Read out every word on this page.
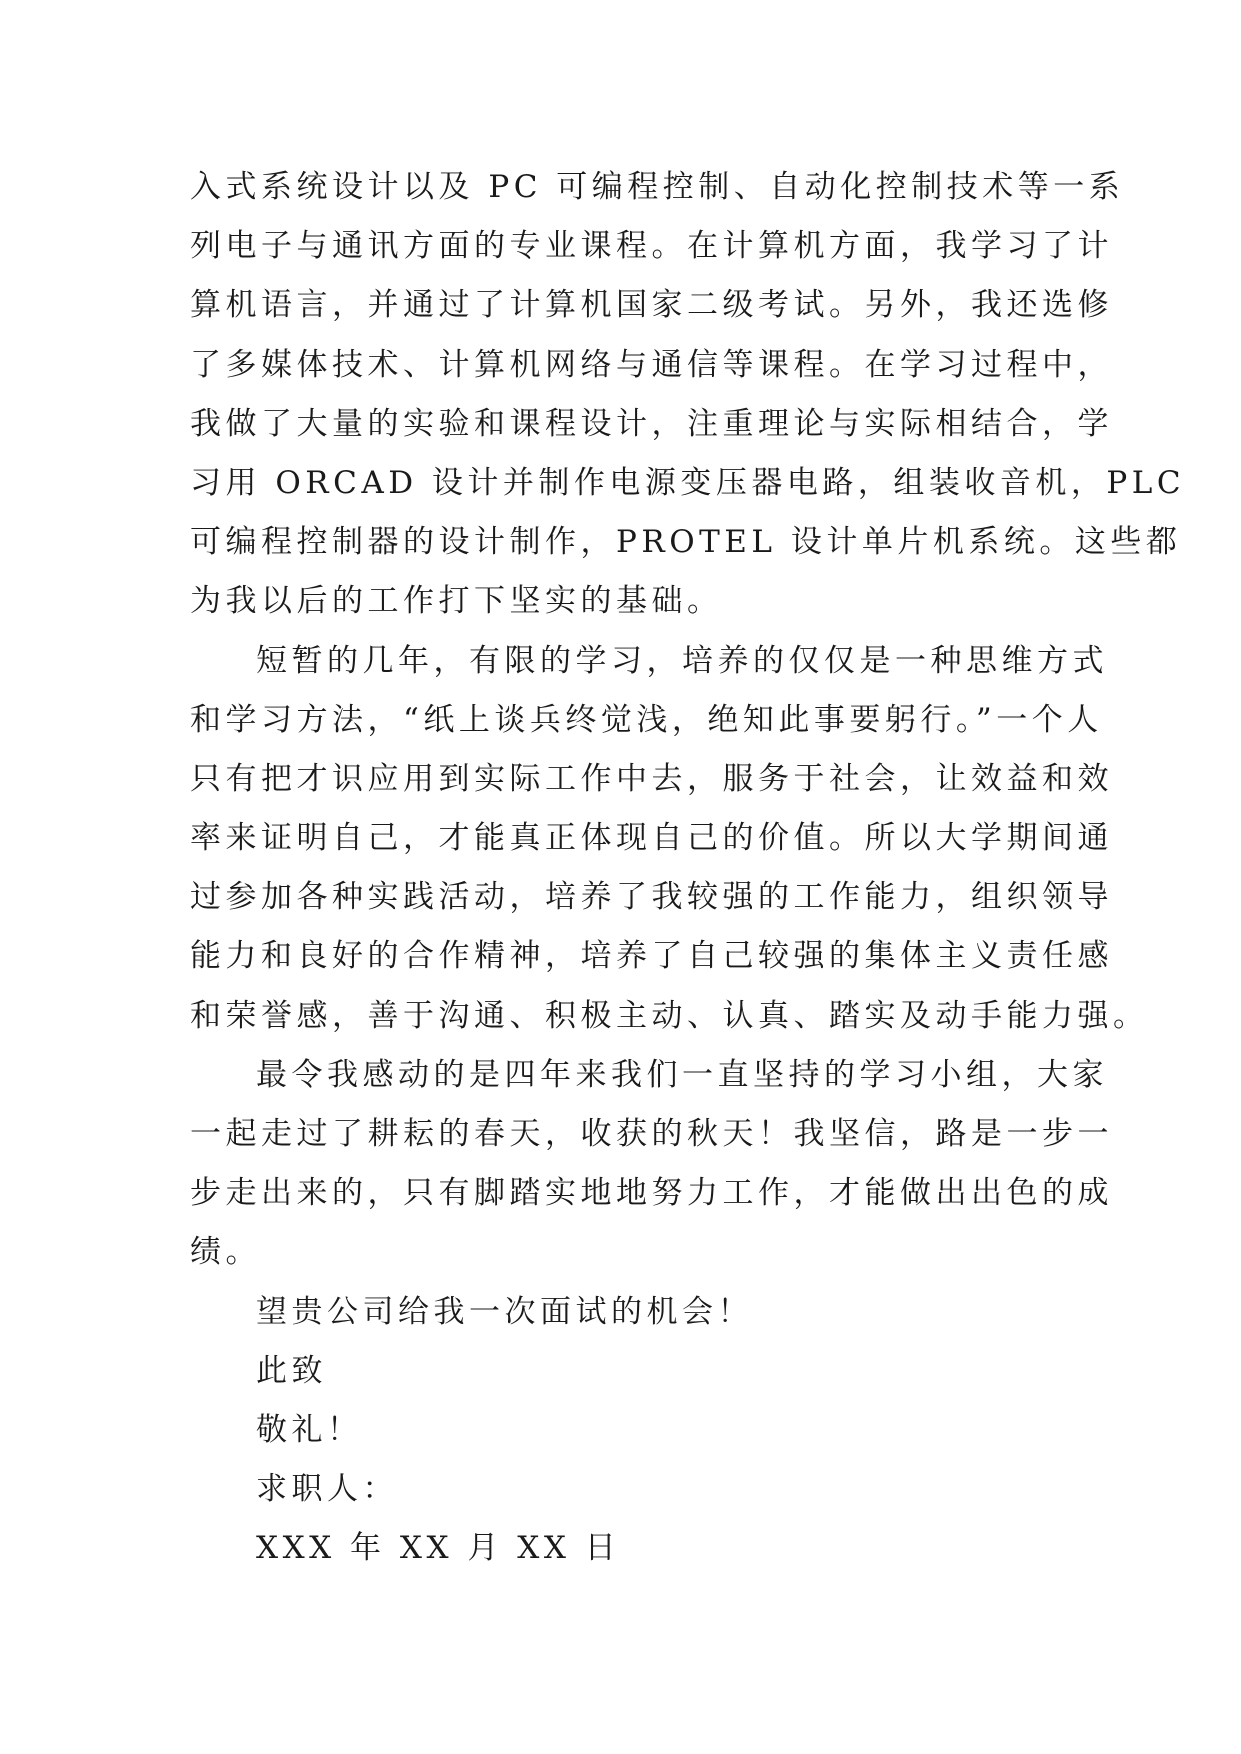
入式系统设计以及 PC 可编程控制、自动化控制技术等一系
列电子与通讯方面的专业课程。在计算机方面，我学习了计
算机语言，并通过了计算机国家二级考试。另外，我还选修
了多媒体技术、计算机网络与通信等课程。在学习过程中，
我做了大量的实验和课程设计，注重理论与实际相结合，学
习用 ORCAD 设计并制作电源变压器电路，组装收音机，PLC
可编程控制器的设计制作，PROTEL 设计单片机系统。这些都
为我以后的工作打下坚实的基础。
短暂的几年，有限的学习，培养的仅仅是一种思维方式
和学习方法，“纸上谈兵终觉浅，绝知此事要躬行。”一个人
只有把才识应用到实际工作中去，服务于社会，让效益和效
率来证明自己，才能真正体现自己的价值。所以大学期间通
过参加各种实践活动，培养了我较强的工作能力，组织领导
能力和良好的合作精神，培养了自己较强的集体主义责任感
和荣誉感，善于沟通、积极主动、认真、踏实及动手能力强。
最令我感动的是四年来我们一直坚持的学习小组，大家
一起走过了耕耘的春天，收获的秋天！我坚信，路是一步一
步走出来的，只有脚踏实地地努力工作，才能做出出色的成
绩。
望贵公司给我一次面试的机会！
此致
敬礼！
求职人：
XXX 年 XX 月 XX 日
